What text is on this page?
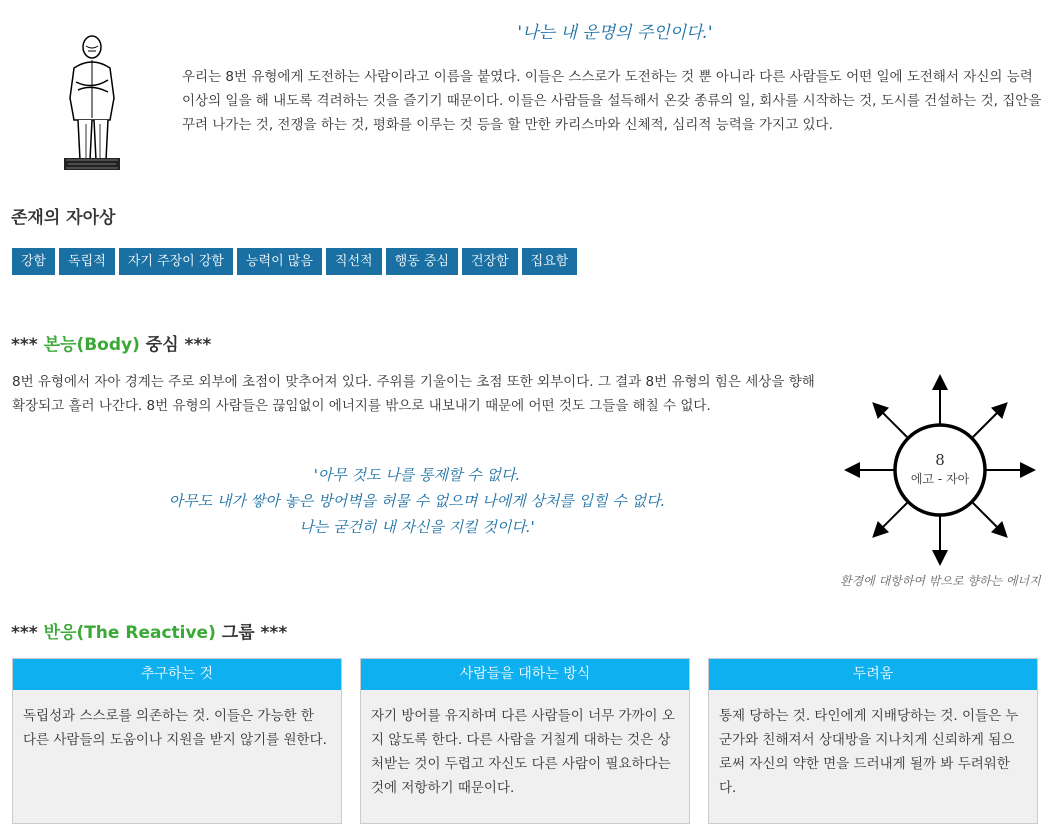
'나는 내 운명의 주인이다.'
우리는 8번 유형에게 도전하는 사람이라고 이름을 붙였다. 이들은 스스로가 도전하는 것 뿐 아니라 다른 사람들도 어떤 일에 도전해서 자신의 능력 이상의 일을 해 내도록 격려하는 것을 즐기기 때문이다. 이들은 사람들을 설득해서 온갖 종류의 일, 회사를 시작하는 것, 도시를 건설하는 것, 집안을 꾸려 나가는 것, 전쟁을 하는 것, 평화를 이루는 것 등을 할 만한 카리스마와 신체적, 심리적 능력을 가지고 있다.
존재의 자아상
강함	독립적	자기 주장이 강함	능력이 많음	직선적	행동 중심	건장함	집요함
*** 본능(Body) 중심 ***
8번 유형에서 자아 경계는 주로 외부에 초점이 맞추어져 있다. 주위를 기울이는 초점 또한 외부이다. 그 결과 8번 유형의 힘은 세상을 향해 확장되고 흘러 나간다. 8번 유형의 사람들은 끊임없이 에너지를 밖으로 내보내기 때문에 어떤 것도 그들을 해칠 수 없다.
'아무 것도 나를 통제할 수 없다.
아무도 내가 쌓아 놓은 방어벽을 허물 수 없으며 나에게 상처를 입힐 수 없다.
나는 굳건히 내 자신을 지킬 것이다.'
8
에고 - 자아
환경에 대항하여 밖으로 향하는 에너지
*** 반응(The Reactive) 그룹 ***
추구하는 것
독립성과 스스로를 의존하는 것. 이들은 가능한 한 다른 사람들의 도움이나 지원을 받지 않기를 원한다.
사람들을 대하는 방식
자기 방어를 유지하며 다른 사람들이 너무 가까이 오지 않도록 한다. 다른 사람을 거칠게 대하는 것은 상처받는 것이 두렵고 자신도 다른 사람이 필요하다는 것에 저항하기 때문이다.
두려움
통제 당하는 것. 타인에게 지배당하는 것. 이들은 누군가와 친해져서 상대방을 지나치게 신뢰하게 됨으로써 자신의 약한 면을 드러내게 될까 봐 두려워한다.
